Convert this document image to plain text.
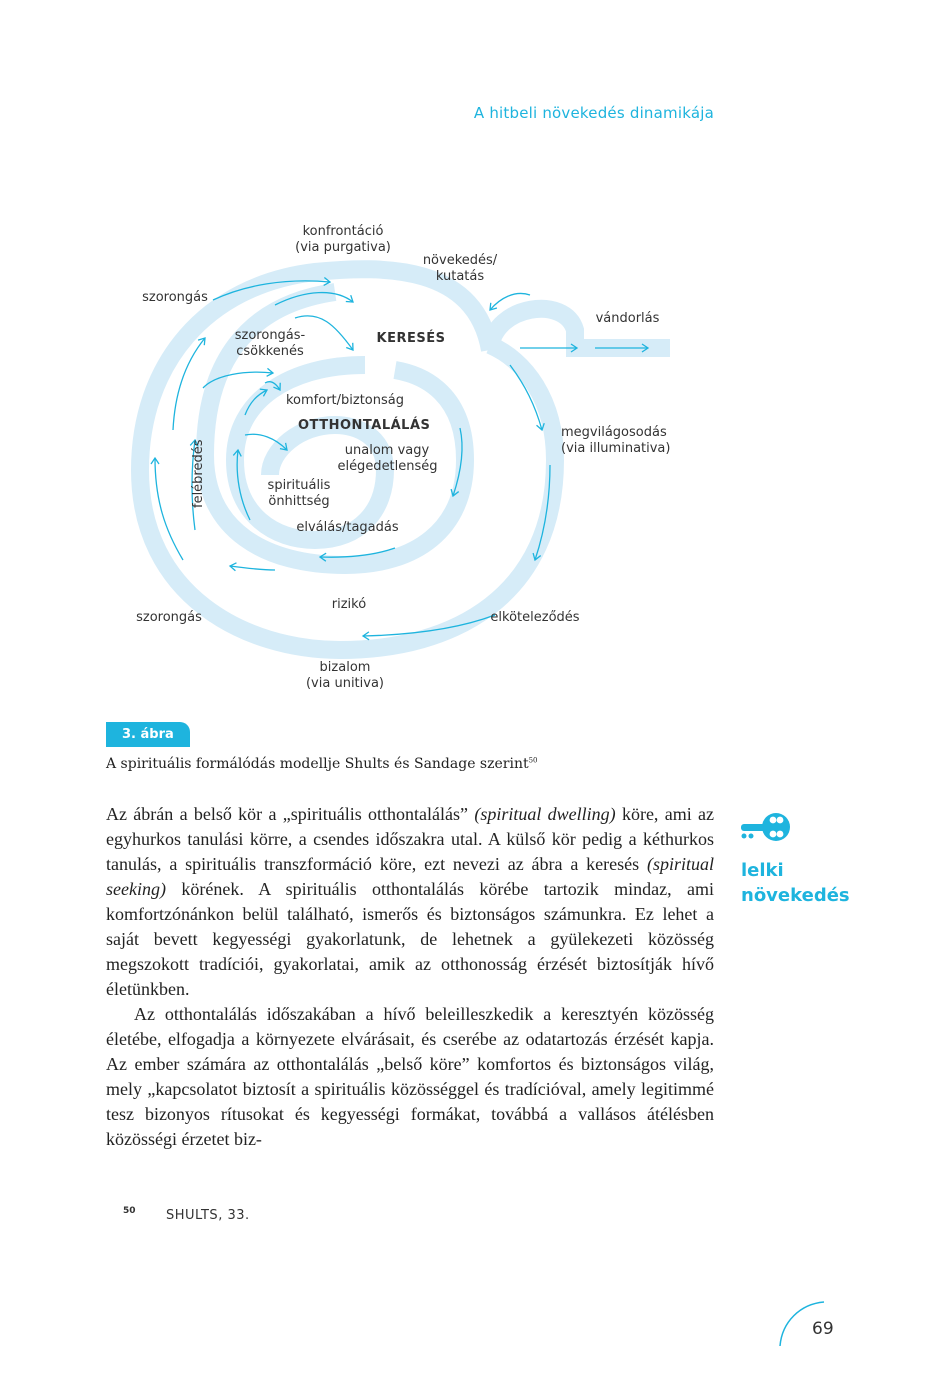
A hitbeli növekedés dinamikája
konfrontáció
(via purgativa)
növekedés/
kutatás
szorongás
vándorlás
szorongás-
csökkenés
KERESÉS
komfort/biztonság
OTTHONTALÁLÁS	megvilágosodás
(via illuminativa)
unalom vagy
elégedetlenség
felébredés	spirituális
önhittség
elválás/tagadás
rizikó
szorongás	elköteleződés
bizalom
(via unitiva)
3. ábra
A spirituális formálódás modellje Shults és Sandage szerint$^{50}$

Az ábrán a belső kör a „spirituális otthontalálás” (spiritual dwelling) köre, ami az egyhurkos tanulási körre, a csendes időszakra utal. A külső kör pedig a kéthurkos tanulás, a spirituális transzformáció köre, ezt nevezi az ábra a keresés (spiritual seeking) körének. A spirituális otthontalálás körébe tartozik mindaz, ami komfortzónánkon belül található, ismerős és biztonságos számunkra. Ez lehet a saját bevett kegyességi gyakorlatunk, de lehetnek a gyülekezeti közösség megszokott tradíciói, gyakorlatai, amik az otthonosság érzését biztosítják hívő életünkben.

Az otthontalálás időszakában a hívő beleilleszkedik a keresztyén közösség életébe, elfogadja a környezete elvárásait, és cserébe az odatartozás érzését kapja. Az ember számára az otthontalálás „belső köre” komfortos és biztonságos világ, mely „kapcsolatot biztosít a spirituális közösséggel és tradícióval, amely legitimmé tesz bizonyos rítusokat és kegyességi formákat, továbbá a vallásos átélésben közösségi érzetet biz-

lelki
növekedés
$^{50}$ SHULTS, 33.
69
